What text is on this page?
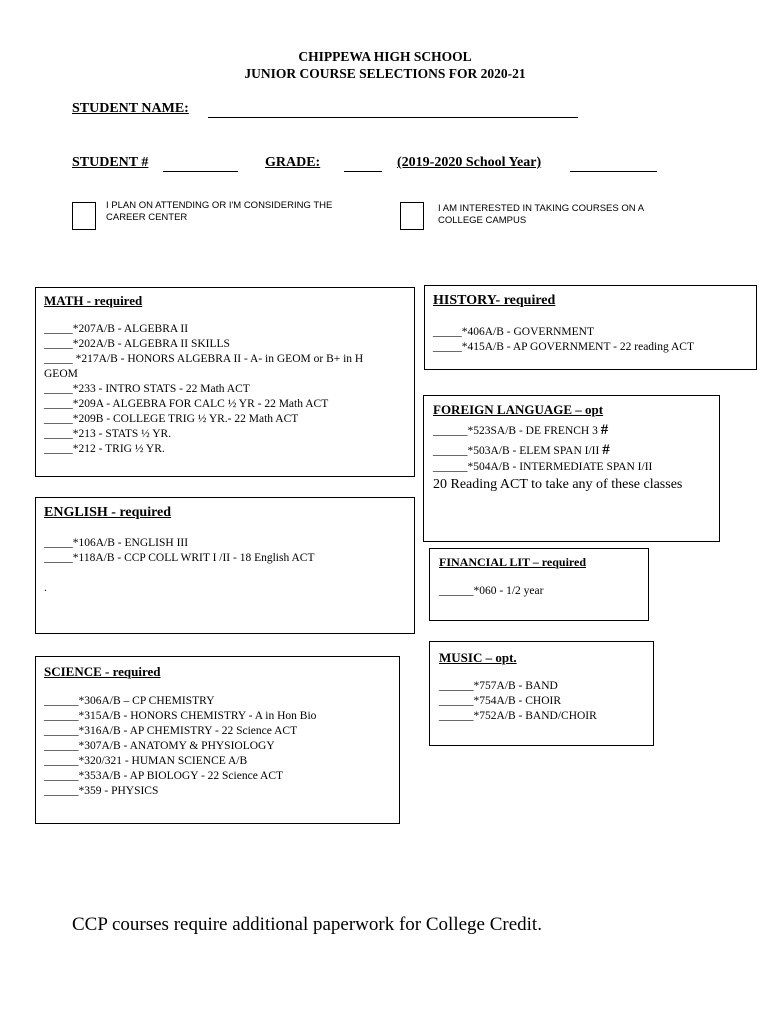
CHIPPEWA HIGH SCHOOL
JUNIOR COURSE SELECTIONS FOR 2020-21
STUDENT NAME:
STUDENT #	GRADE:	(2019-2020 School Year)
I PLAN ON ATTENDING OR I'M CONSIDERING THE
CAREER CENTER
I AM INTERESTED IN TAKING COURSES ON A
COLLEGE CAMPUS
MATH - required
_____*207A/B - ALGEBRA II
_____*202A/B - ALGEBRA II SKILLS
_____ *217A/B - HONORS ALGEBRA II - A- in GEOM or B+ in H
GEOM
_____*233 - INTRO STATS - 22 Math ACT
_____*209A - ALGEBRA FOR CALC ½ YR - 22 Math ACT
_____*209B - COLLEGE TRIG ½ YR.- 22 Math ACT
_____*213 - STATS ½ YR.
_____*212 - TRIG ½ YR.
HISTORY- required
_____*406A/B - GOVERNMENT
_____*415A/B - AP GOVERNMENT - 22 reading ACT
FOREIGN LANGUAGE – opt
______*523SA/B - DE FRENCH 3 #
______*503A/B - ELEM SPAN I/II #
______*504A/B - INTERMEDIATE SPAN I/II
20 Reading ACT to take any of these classes
ENGLISH - required
_____*106A/B - ENGLISH III
_____*118A/B - CCP COLL WRIT I /II - 18 English ACT
.
FINANCIAL LIT – required
______*060 - 1/2 year
MUSIC – opt.
______*757A/B - BAND
______*754A/B - CHOIR
______*752A/B - BAND/CHOIR
SCIENCE - required
______*306A/B – CP CHEMISTRY
______*315A/B - HONORS CHEMISTRY - A in Hon Bio
______*316A/B - AP CHEMISTRY - 22 Science ACT
______*307A/B - ANATOMY & PHYSIOLOGY
______*320/321 - HUMAN SCIENCE A/B
______*353A/B - AP BIOLOGY - 22 Science ACT
______*359 - PHYSICS
CCP courses require additional paperwork for College Credit.
